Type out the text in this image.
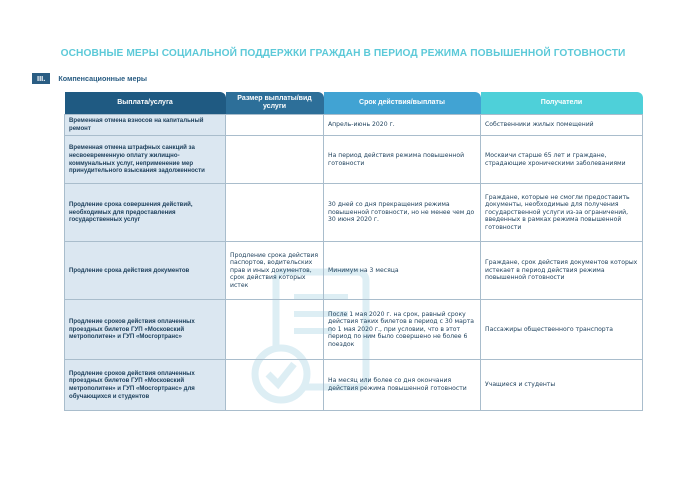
ОСНОВНЫЕ МЕРЫ СОЦИАЛЬНОЙ ПОДДЕРЖКИ ГРАЖДАН В ПЕРИОД РЕЖИМА ПОВЫШЕННОЙ ГОТОВНОСТИ
III.	Компенсационные меры
Выплата/услуга	Размер выплаты/вид услуги	Срок действия/выплаты	Получатели
Временная отмена взносов на капитальный ремонт		Апрель-июнь 2020 г.	Собственники жилых помещений
Временная отмена штрафных санкций за несвоевременную оплату жилищно-коммунальных услуг, неприменение мер принудительного взыскания задолженности		На период действия режима повышенной готовности	Москвичи старше 65 лет и граждане, страдающие хроническими заболеваниями
Продление срока совершения действий, необходимых для предоставления государственных услуг		30 дней со дня прекращения режима повышенной готовности, но не менее чем до 30 июня 2020 г.	Граждане, которые не смогли предоставить документы, необходимые для получения государственной услуги из-за ограничений, введенных в рамках режима повышенной готовности
Продление срока действия документов	Продление срока действия паспортов, водительских прав и иных документов, срок действия которых истек	Минимум на 3 месяца	Граждане, срок действия документов которых истекает в период действия режима повышенной готовности
Продление сроков действия оплаченных проездных билетов ГУП «Московский метрополитен» и ГУП «Мосгортранс»		После 1 мая 2020 г. на срок, равный сроку действия таких билетов в период с 30 марта по 1 мая 2020 г., при условии, что в этот период по ним было совершено не более 6 поездок	Пассажиры общественного транспорта
Продление сроков действия оплаченных проездных билетов ГУП «Московский метрополитен» и ГУП «Мосгортранс» для обучающихся и студентов		На месяц или более со дня окончания действия режима повышенной готовности	Учащиеся и студенты
